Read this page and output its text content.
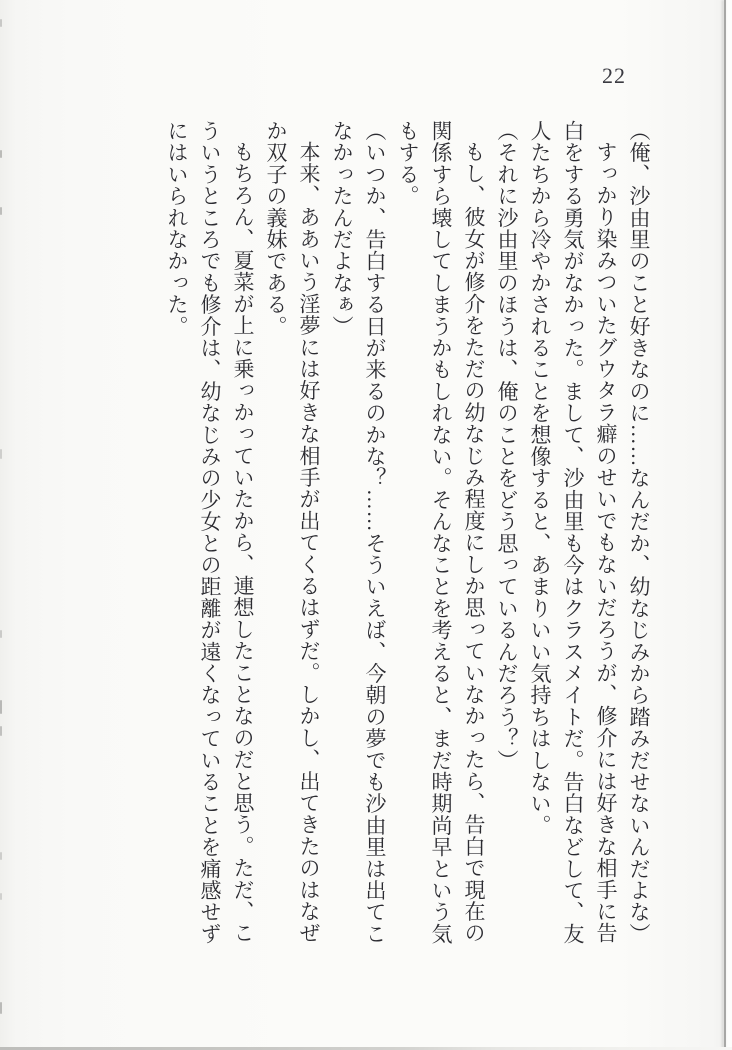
22

（俺、沙由里のこと好きなのに……なんだか、幼なじみから踏みだせないんだよな）

すっかり染みついたグウタラ癖のせいでもないだろうが、修介には好きな相手に告

白をする勇気がなかった。まして、沙由里も今はクラスメイトだ。告白などして、友

人たちから冷やかされることを想像すると、あまりいい気持ちはしない。

（それに沙由里のほうは、俺のことをどう思っているんだろう？）

もし、彼女が修介をただの幼なじみ程度にしか思っていなかったら、告白で現在の

関係すら壊してしまうかもしれない。そんなことを考えると、まだ時期尚早という気

もする。

（いつか、告白する日が来るのかな？……そういえば、今朝の夢でも沙由里は出てこ

なかったんだよなぁ）

本来、ああいう淫夢には好きな相手が出てくるはずだ。しかし、出てきたのはなぜ

か双子の義妹である。

もちろん、夏菜が上に乗っかっていたから、連想したことなのだと思う。ただ、こ

ういうところでも修介は、幼なじみの少女との距離が遠くなっていることを痛感せず

にはいられなかった。
